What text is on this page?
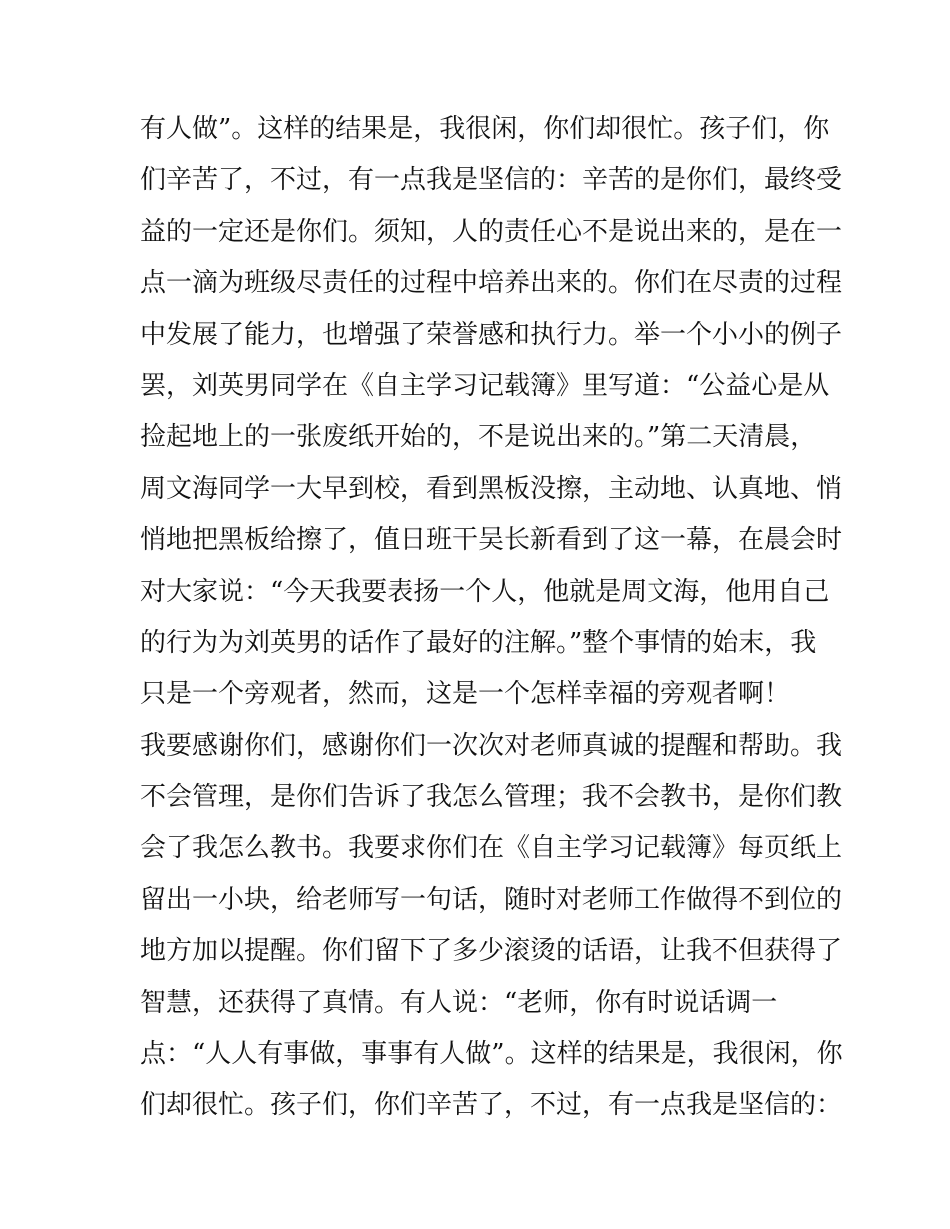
有人做”。这样的结果是，我很闲，你们却很忙。孩子们，你
们辛苦了，不过，有一点我是坚信的：辛苦的是你们，最终受
益的一定还是你们。须知，人的责任心不是说出来的，是在一
点一滴为班级尽责任的过程中培养出来的。你们在尽责的过程
中发展了能力，也增强了荣誉感和执行力。举一个小小的例子
罢，刘英男同学在《自主学习记载簿》里写道：“公益心是从
捡起地上的一张废纸开始的，不是说出来的。”第二天清晨，
周文海同学一大早到校，看到黑板没擦，主动地、认真地、悄
悄地把黑板给擦了，值日班干吴长新看到了这一幕，在晨会时
对大家说：“今天我要表扬一个人，他就是周文海，他用自己
的行为为刘英男的话作了最好的注解。”整个事情的始末，我
只是一个旁观者，然而，这是一个怎样幸福的旁观者啊！
我要感谢你们，感谢你们一次次对老师真诚的提醒和帮助。我
不会管理，是你们告诉了我怎么管理；我不会教书，是你们教
会了我怎么教书。我要求你们在《自主学习记载簿》每页纸上
留出一小块，给老师写一句话，随时对老师工作做得不到位的
地方加以提醒。你们留下了多少滚烫的话语，让我不但获得了
智慧，还获得了真情。有人说：“老师，你有时说话调一
点：“人人有事做，事事有人做”。这样的结果是，我很闲，你
们却很忙。孩子们，你们辛苦了，不过，有一点我是坚信的：
